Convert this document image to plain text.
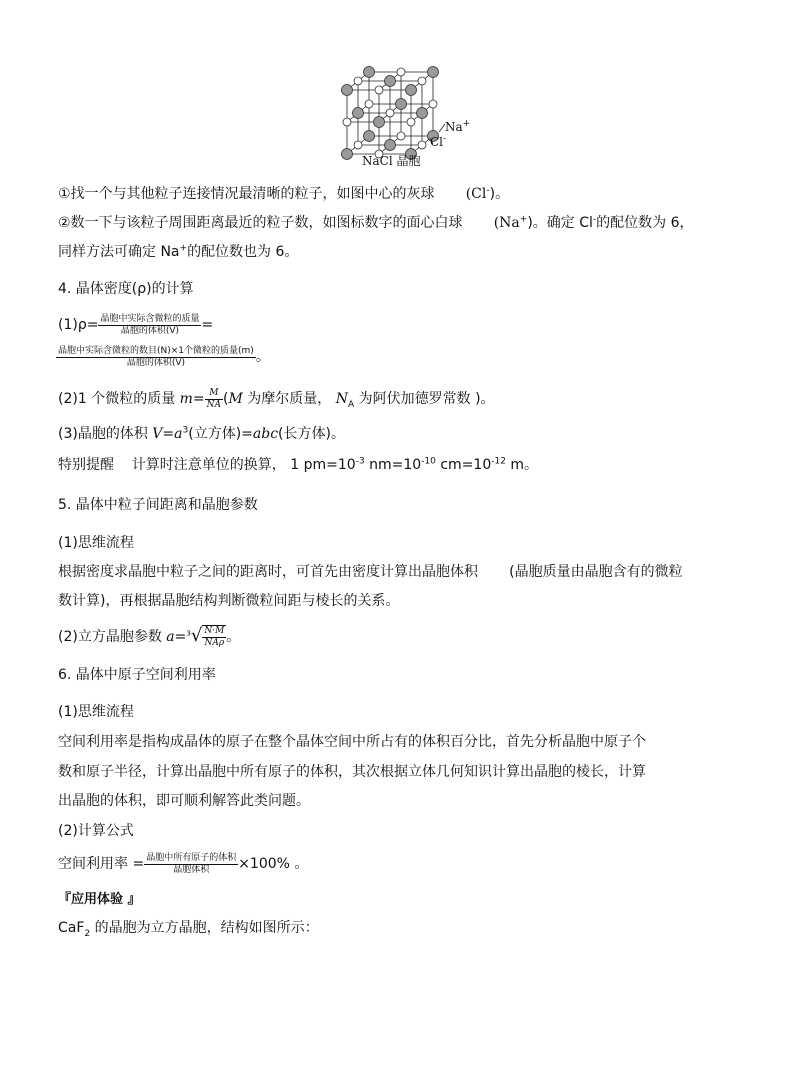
Na+
Cl-
NaCl 晶胞
①找一个与其他粒子连接情况最清晰的粒子，如图中心的灰球 (Cl-)。
②数一下与该粒子周围距离最近的粒子数，如图标数字的面心白球 (Na+)。确定 Cl-的配位数为 6，
同样方法可确定 Na+的配位数也为 6。
4. 晶体密度(ρ)的计算
$(1)\rho= \frac{\text{晶胞中实际含微粒的质量}}{\text{晶胞的体积(V)}}$ =
$\frac{\text{晶胞中实际含微粒的数目(N)×1个微粒的质量(m)}}{\text{晶胞的体积(V)}}$ 。
(2)1 个微粒的质量 $m= \frac{M}{NA} (M$ 为摩尔质量， $N_A$ 为阿伏加德罗常数 )。
(3)晶胞的体积 $V=a^3$(立方体)=abc(长方体)。
特别提醒 计算时注意单位的换算， 1 $pm=10^{-3}$ $nm=10^{-10}$ $cm=10^{-12}$ m。
5. 晶体中粒子间距离和晶胞参数
(1)思维流程
根据密度求晶胞中粒子之间的距离时，可首先由密度计算出晶胞体积 (晶胞质量由晶胞含有的微粒
数计算)，再根据晶胞结构判断微粒间距与棱长的关系。
(2)立方晶胞参数 $a=^3√ \frac{N\cdot M}{\text{NAρ}}$ 。
6. 晶体中原子空间利用率
(1)思维流程
空间利用率是指构成晶体的原子在整个晶体空间中所占有的体积百分比，首先分析晶胞中原子个
数和原子半径，计算出晶胞中所有原子的体积，其次根据立体几何知识计算出晶胞的棱长，计算
出晶胞的体积，即可顺利解答此类问题。
(2)计算公式
空间利用率 = $\frac{\text{晶胞中所有原子的体积}}{\text{晶胞体积}} \times 100\%$ 。
『应用体验 』
CaF$_2$ 的晶胞为立方晶胞，结构如图所示：
